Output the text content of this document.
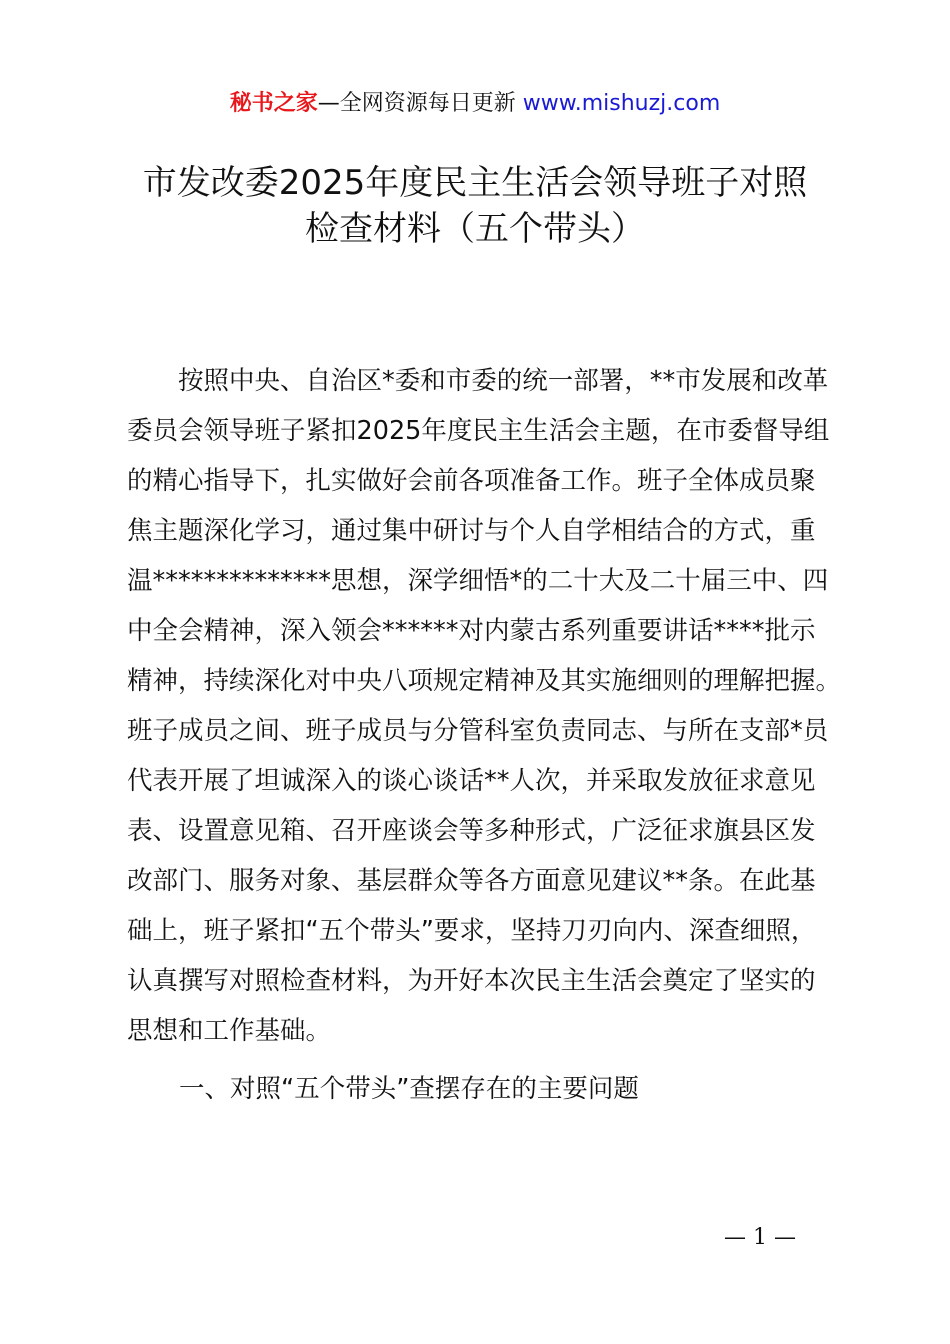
秘书之家—全网资源每日更新 www.mishuzj.com
市发改委2025年度民主生活会领导班子对照
检查材料（五个带头）
　　按照中央、自治区*委和市委的统一部署，**市发展和改革
委员会领导班子紧扣2025年度民主生活会主题，在市委督导组
的精心指导下，扎实做好会前各项准备工作。班子全体成员聚
焦主题深化学习，通过集中研讨与个人自学相结合的方式，重
温**************思想，深学细悟*的二十大及二十届三中、四
中全会精神，深入领会******对内蒙古系列重要讲话****批示
精神，持续深化对中央八项规定精神及其实施细则的理解把握。
班子成员之间、班子成员与分管科室负责同志、与所在支部*员
代表开展了坦诚深入的谈心谈话**人次，并采取发放征求意见
表、设置意见箱、召开座谈会等多种形式，广泛征求旗县区发
改部门、服务对象、基层群众等各方面意见建议**条。在此基
础上，班子紧扣“五个带头”要求，坚持刀刃向内、深查细照，
认真撰写对照检查材料，为开好本次民主生活会奠定了坚实的
思想和工作基础。
一、对照“五个带头”查摆存在的主要问题
— 1 —
